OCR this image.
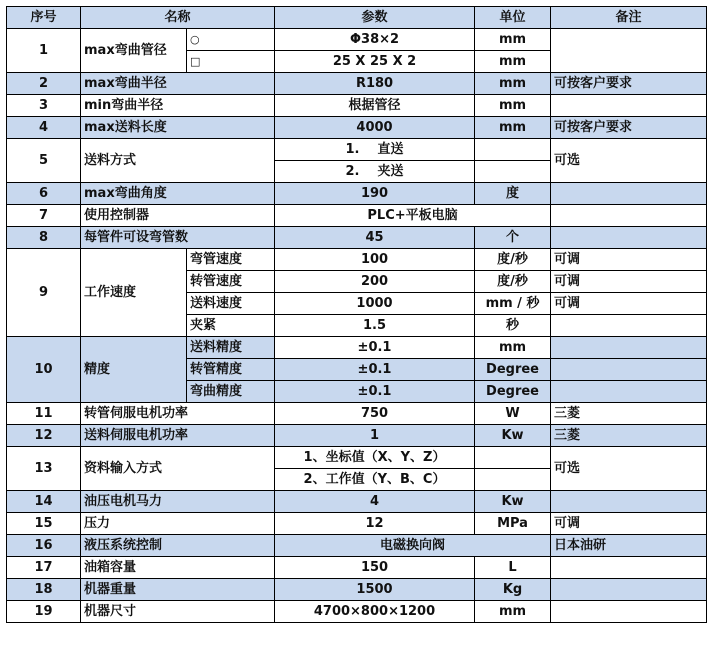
序号	名称		参数	单位	备注
1	max弯曲管径	○	Φ38×2	mm	
		□	25 X 25 X 2	mm	
2	max弯曲半径		R180	mm	可按客户要求
3	min弯曲半径		根据管径	mm	
4	max送料长度		4000	mm	可按客户要求
5	送料方式		1.    直送		可选
			2.    夹送		
6	max弯曲角度		190	度	
7	使用控制器		PLC+平板电脑		
8	每管件可设弯管数		45	个	
9	工作速度	弯管速度	100	度/秒	可调
		转管速度	200	度/秒	可调
		送料速度	1000	mm / 秒	可调
		夹紧	1.5	秒	
10	精度	送料精度	±0.1	mm	
		转管精度	±0.1	Degree	
		弯曲精度	±0.1	Degree	
11	转管伺服电机功率		750	W	三菱
12	送料伺服电机功率		1	Kw	三菱
13	资料输入方式		1、坐标值（X、Y、Z）		可选
			2、工作值（Y、B、C）		
14	油压电机马力		4	Kw	
15	压力		12	MPa	可调
16	液压系统控制		电磁换向阀		日本油研
17	油箱容量		150	L	
18	机器重量		1500	Kg	
19	机器尺寸		4700×800×1200	mm	
